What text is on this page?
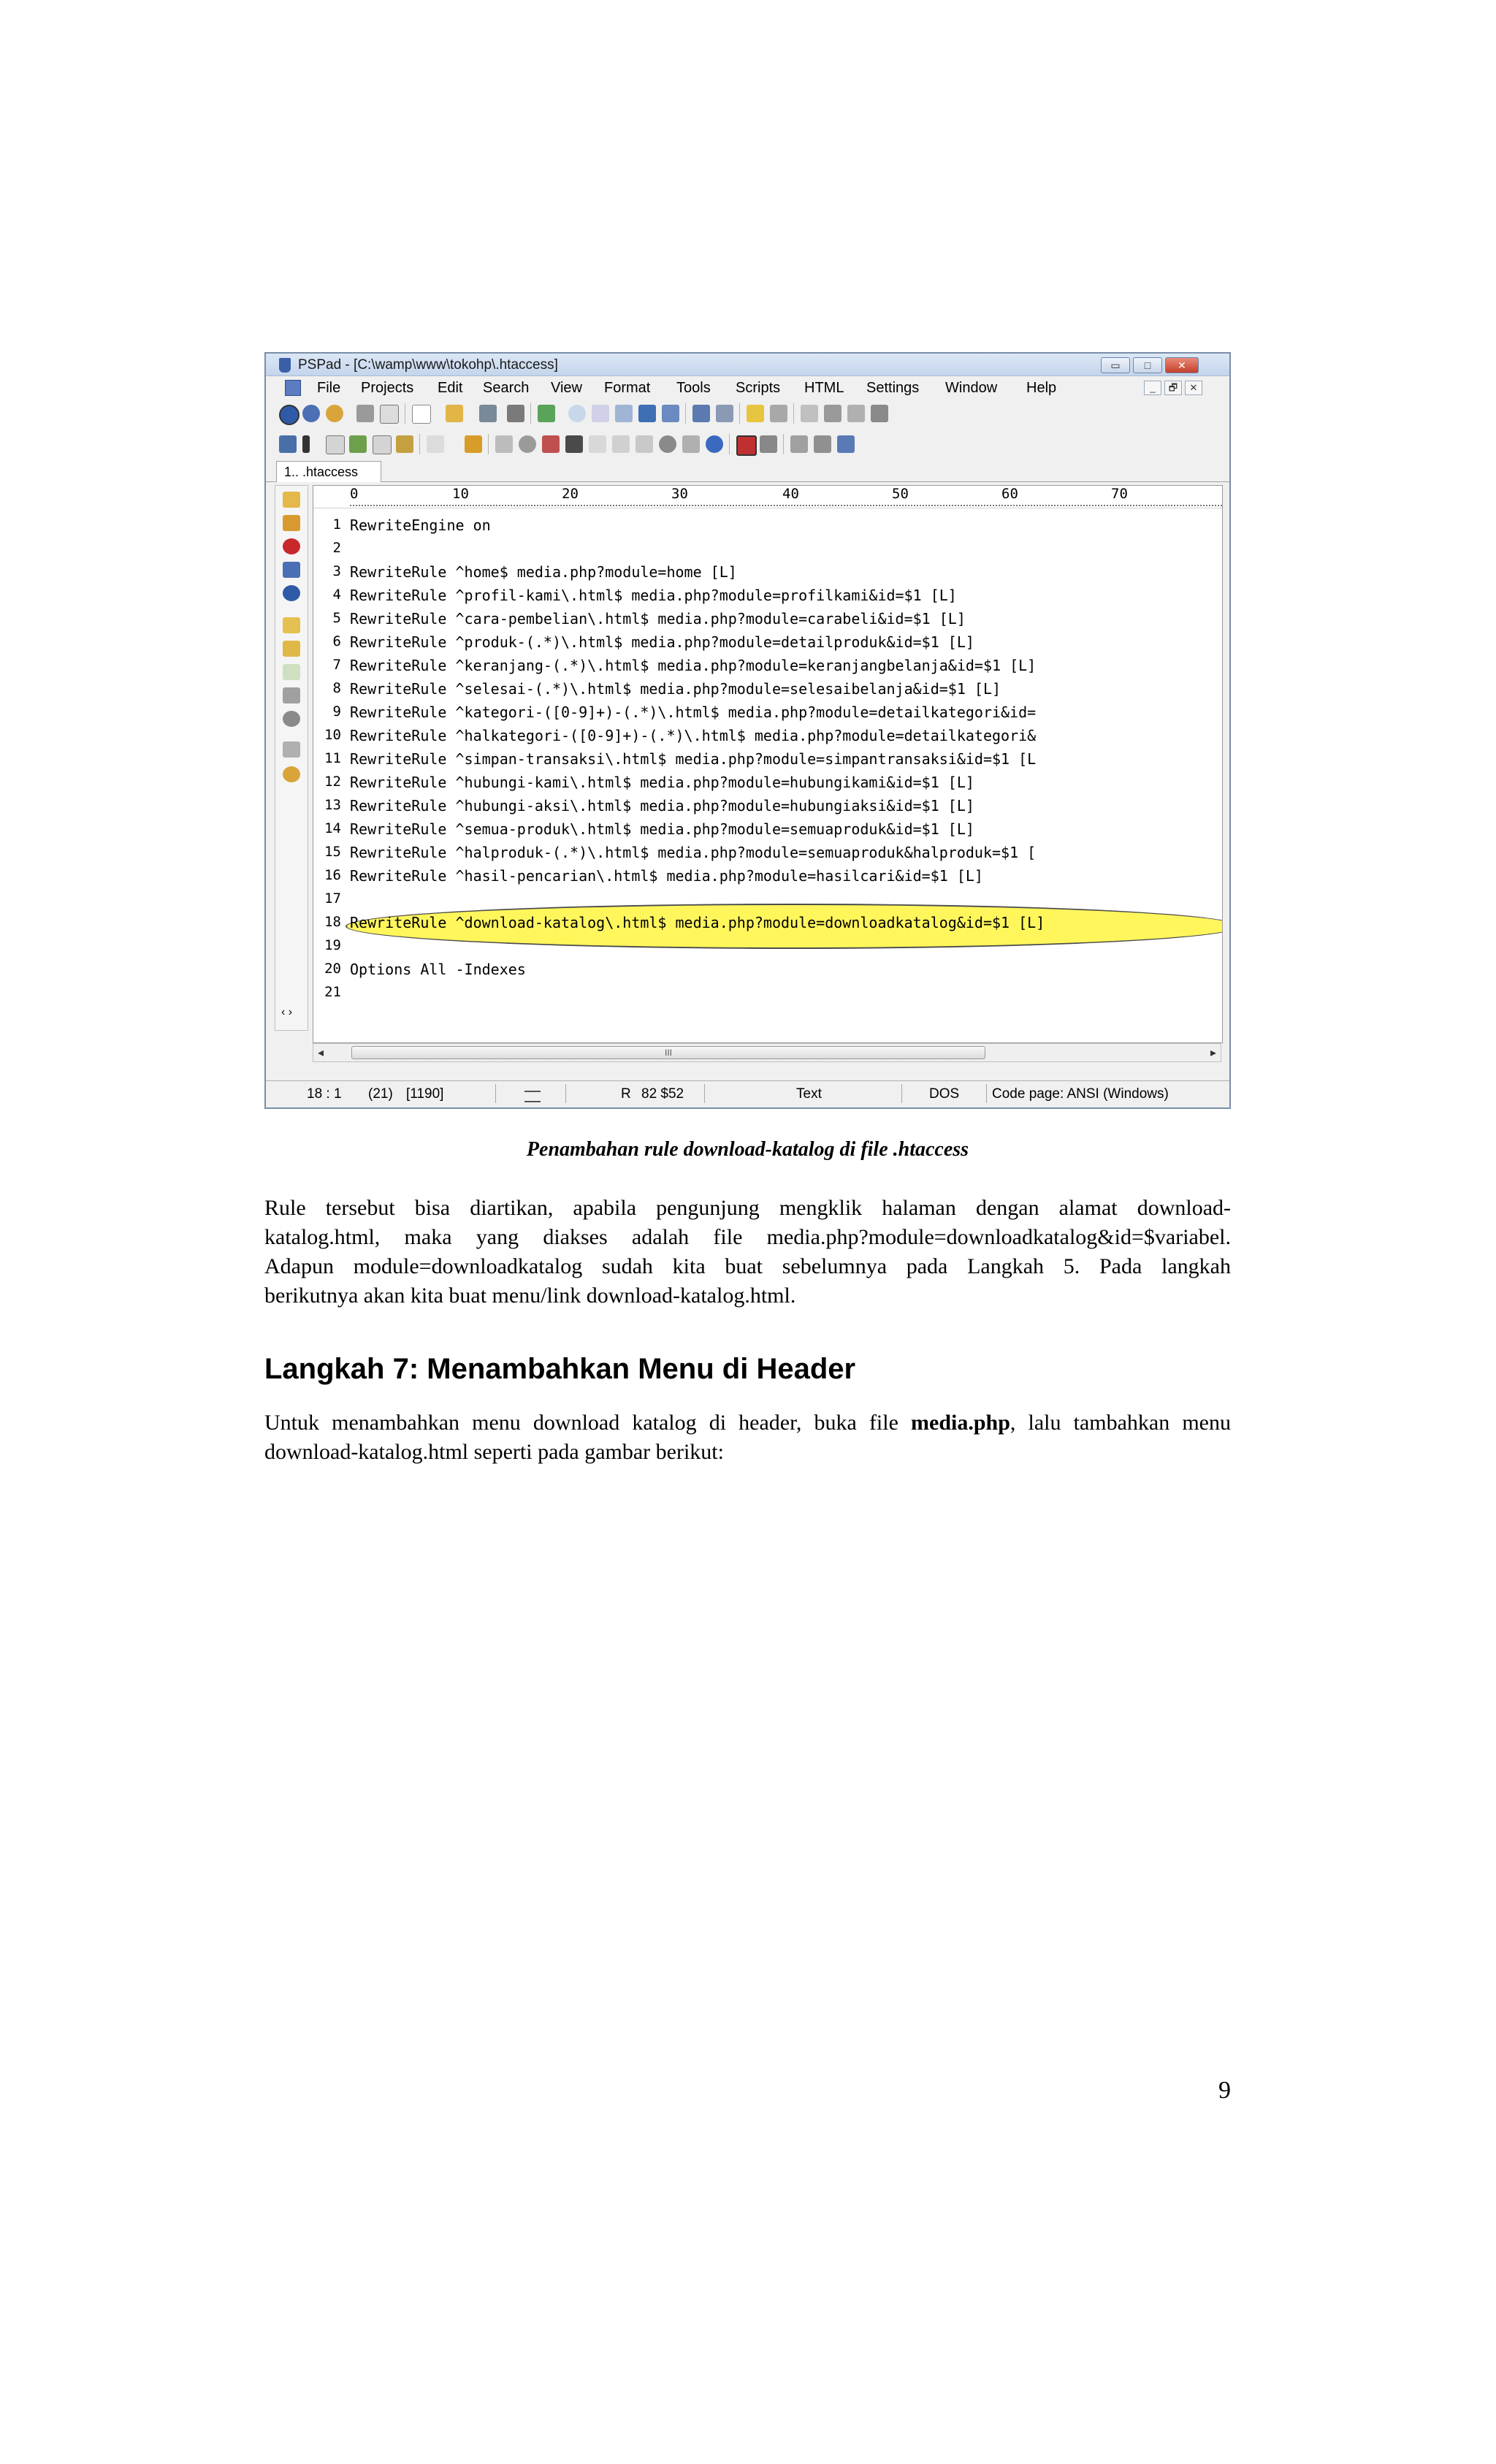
PSPad - [C:\wamp\www\tokohp\.htaccess]	▭	□	✕
File Projects Edit Search View Format Tools Scripts HTML Settings Window Help	_	🗗	✕
1.. .htaccess
‹ ›
0	10	20	30	40	50	60	70
1 RewriteEngine on
2
3 RewriteRule ^home$ media.php?module=home [L]
4 RewriteRule ^profil-kami\.html$ media.php?module=profilkami&id=$1 [L]
5 RewriteRule ^cara-pembelian\.html$ media.php?module=carabeli&id=$1 [L]
6 RewriteRule ^produk-(.*)\.html$ media.php?module=detailproduk&id=$1 [L]
7 RewriteRule ^keranjang-(.*)\.html$ media.php?module=keranjangbelanja&id=$1 [L]
8 RewriteRule ^selesai-(.*)\.html$ media.php?module=selesaibelanja&id=$1 [L]
9 RewriteRule ^kategori-([0-9]+)-(.*)\.html$ media.php?module=detailkategori&id=
10 RewriteRule ^halkategori-([0-9]+)-(.*)\.html$ media.php?module=detailkategori&
11 RewriteRule ^simpan-transaksi\.html$ media.php?module=simpantransaksi&id=$1 [L
12 RewriteRule ^hubungi-kami\.html$ media.php?module=hubungikami&id=$1 [L]
13 RewriteRule ^hubungi-aksi\.html$ media.php?module=hubungiaksi&id=$1 [L]
14 RewriteRule ^semua-produk\.html$ media.php?module=semuaproduk&id=$1 [L]
15 RewriteRule ^halproduk-(.*)\.html$ media.php?module=semuaproduk&halproduk=$1 [
16 RewriteRule ^hasil-pencarian\.html$ media.php?module=hasilcari&id=$1 [L]
17
18 RewriteRule ^download-katalog\.html$ media.php?module=downloadkatalog&id=$1 [L]
19
20 Options All -Indexes
21
◂	III	▸
18 : 1 (21) [1190]	R 82 $52	Text	DOS Code page: ANSI (Windows)
Penambahan rule download-katalog di file .htaccess
Rule tersebut bisa diartikan, apabila pengunjung mengklik halaman dengan alamat download-
katalog.html, maka yang diakses adalah file media.php?module=downloadkatalog&id=$variabel.
Adapun module=downloadkatalog sudah kita buat sebelumnya pada Langkah 5. Pada langkah
berikutnya akan kita buat menu/link download-katalog.html.
Langkah 7: Menambahkan Menu di Header
Untuk menambahkan menu download katalog di header, buka file media.php, lalu tambahkan menu
download-katalog.html seperti pada gambar berikut:
9
